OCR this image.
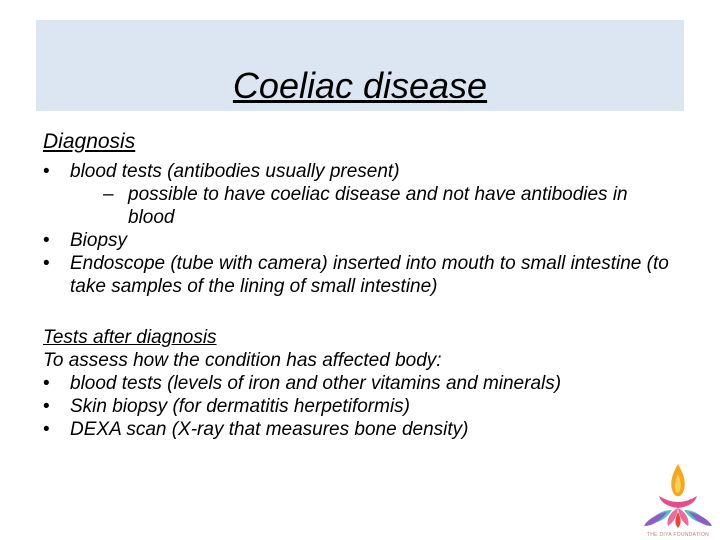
Coeliac disease
Diagnosis
• blood tests (antibodies usually present)
– possible to have coeliac disease and not have antibodies in blood
• Biopsy
• Endoscope (tube with camera) inserted into mouth to small intestine (to take samples of the lining of small intestine)
Tests after diagnosis
To assess how the condition has affected body:
• blood tests (levels of iron and other vitamins and minerals)
• Skin biopsy (for dermatitis herpetiformis)
• DEXA scan (X-ray that measures bone density)
THE DIYA FOUNDATION
